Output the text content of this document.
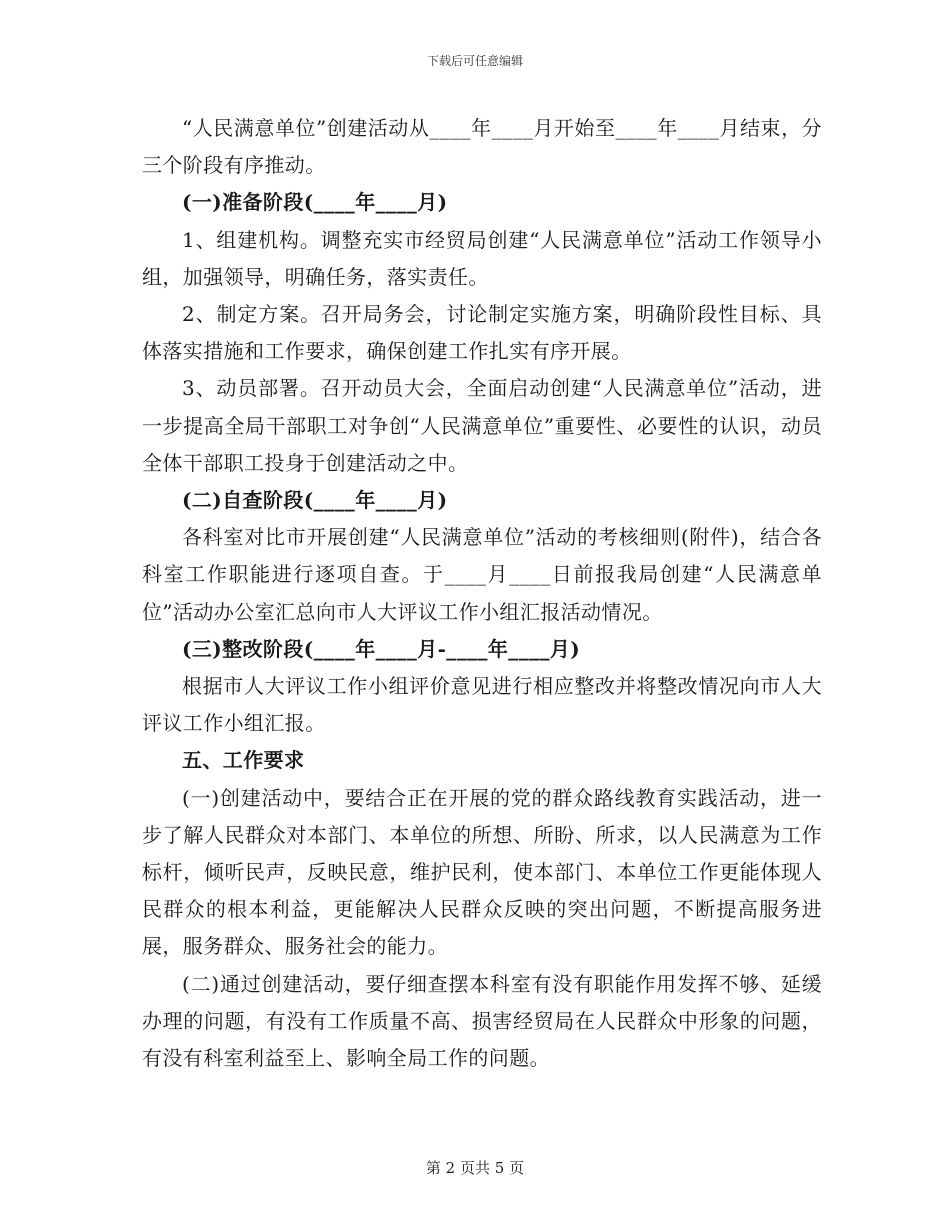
下载后可任意编辑

“人民满意单位”创建活动从____年____月开始至____年____月结束，分三个阶段有序推动。

(一)准备阶段(____年____月)

1、组建机构。调整充实市经贸局创建“人民满意单位”活动工作领导小组，加强领导，明确任务，落实责任。

2、制定方案。召开局务会，讨论制定实施方案，明确阶段性目标、具体落实措施和工作要求，确保创建工作扎实有序开展。

3、动员部署。召开动员大会，全面启动创建“人民满意单位”活动，进一步提高全局干部职工对争创“人民满意单位”重要性、必要性的认识，动员全体干部职工投身于创建活动之中。

(二)自查阶段(____年____月)

各科室对比市开展创建“人民满意单位”活动的考核细则(附件)，结合各科室工作职能进行逐项自查。于____月____日前报我局创建“人民满意单位”活动办公室汇总向市人大评议工作小组汇报活动情况。

(三)整改阶段(____年____月-____年____月)

根据市人大评议工作小组评价意见进行相应整改并将整改情况向市人大评议工作小组汇报。

五、工作要求

(一)创建活动中，要结合正在开展的党的群众路线教育实践活动，进一步了解人民群众对本部门、本单位的所想、所盼、所求，以人民满意为工作标杆，倾听民声，反映民意，维护民利，使本部门、本单位工作更能体现人民群众的根本利益，更能解决人民群众反映的突出问题，不断提高服务进展，服务群众、服务社会的能力。

(二)通过创建活动，要仔细查摆本科室有没有职能作用发挥不够、延缓办理的问题，有没有工作质量不高、损害经贸局在人民群众中形象的问题，有没有科室利益至上、影响全局工作的问题。

第 2 页共 5 页
